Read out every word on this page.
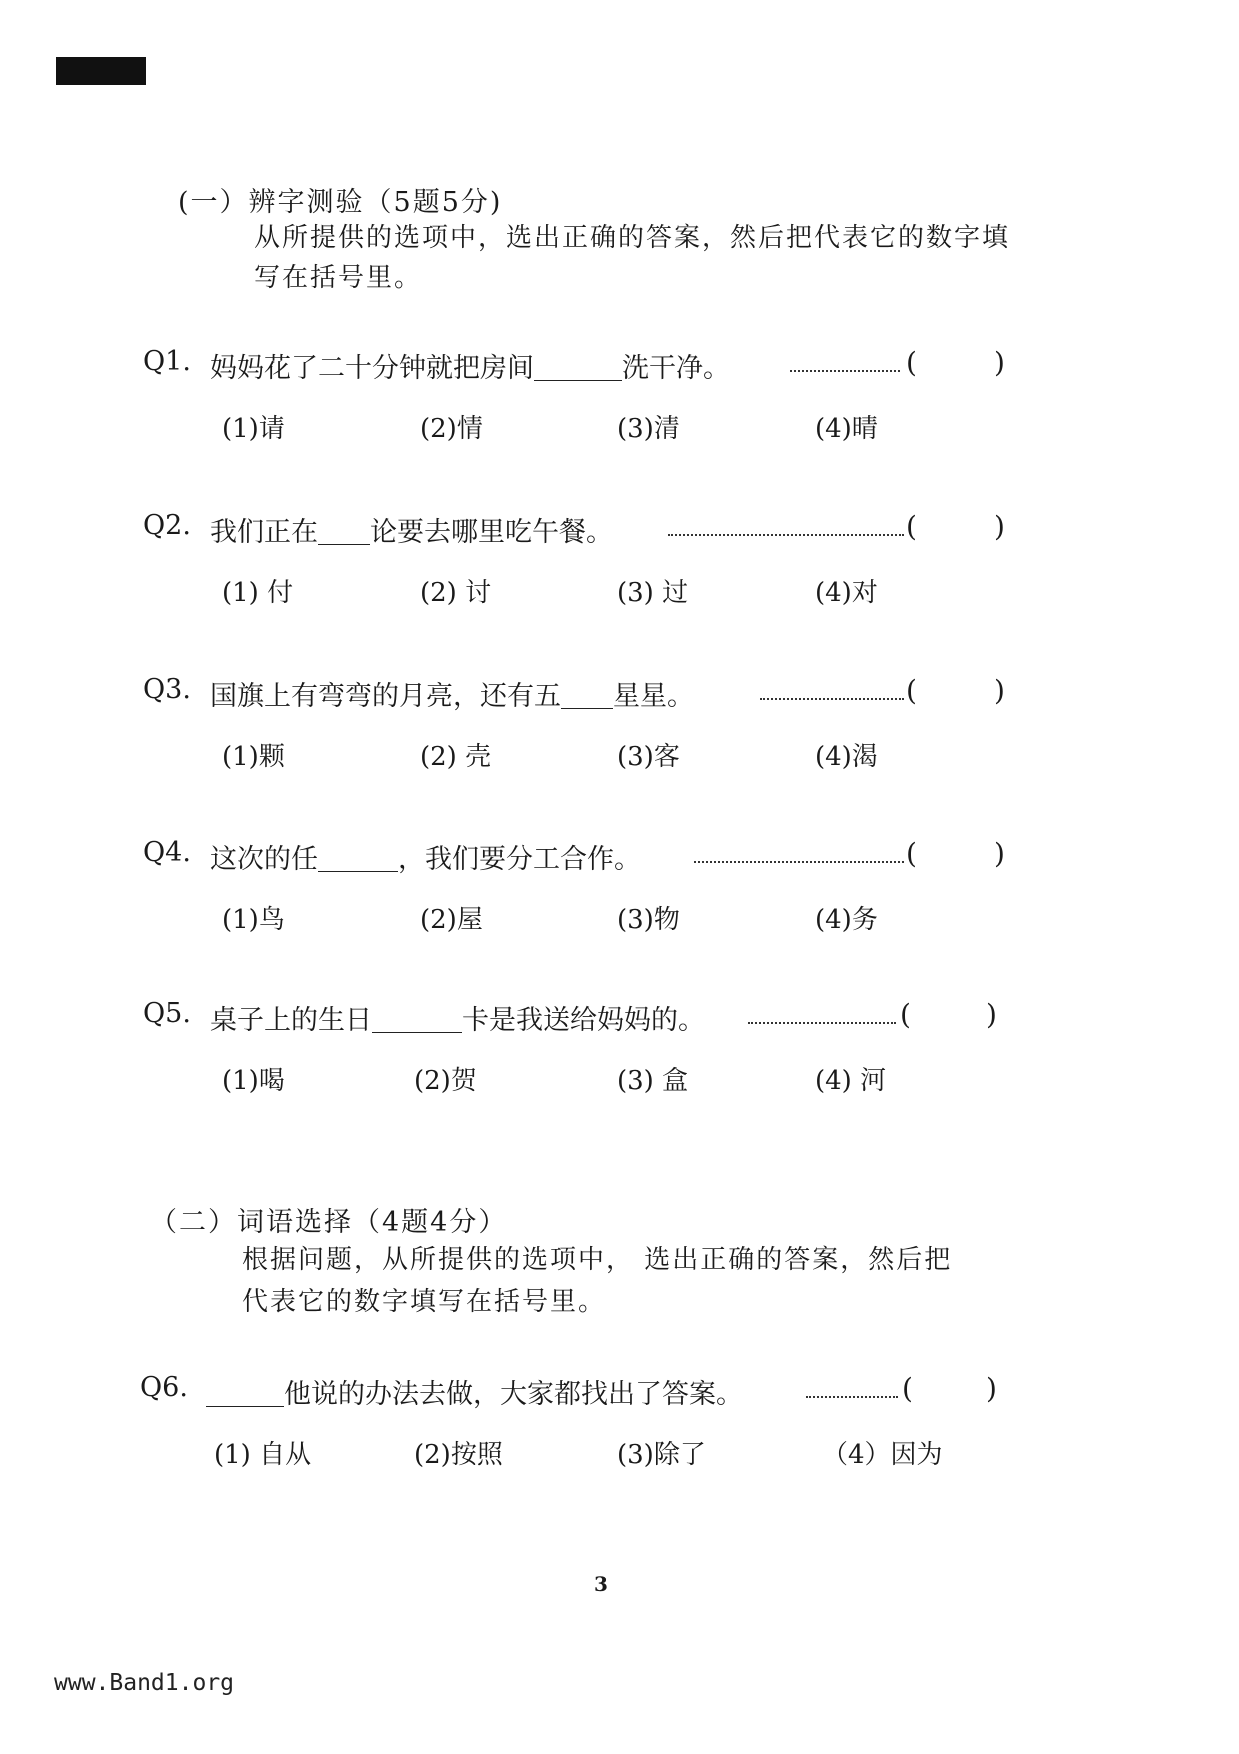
(一）辨字测验（5题5分)
从所提供的选项中，选出正确的答案，然后把代表它的数字填
写在括号里。
Q1. 妈妈花了二十分钟就把房间	洗干净。	(	)
(1)请	(2)情	(3)清	(4)晴
Q2. 我们正在 论要去哪里吃午餐。	(	)
(1) 付	(2) 讨	(3) 过	(4)对
Q3. 国旗上有弯弯的月亮，还有五 星星。	(	)
(1)颗	(2) 壳	(3)客	(4)渴
Q4. 这次的任	，我们要分工合作。	(	)
(1)鸟	(2)屋	(3)物	(4)务
Q5. 桌子上的生日	卡是我送给妈妈的。	(	)
(1)喝	(2)贺	(3) 盒	(4) 河
（二）词语选择（4题4分）
根据问题，从所提供的选项中， 选出正确的答案，然后把
代表它的数字填写在括号里。
Q6.	他说的办法去做，大家都找出了答案。	(	)
(1) 自从	(2)按照	(3)除了	（4）因为
3
www.Band1.org
